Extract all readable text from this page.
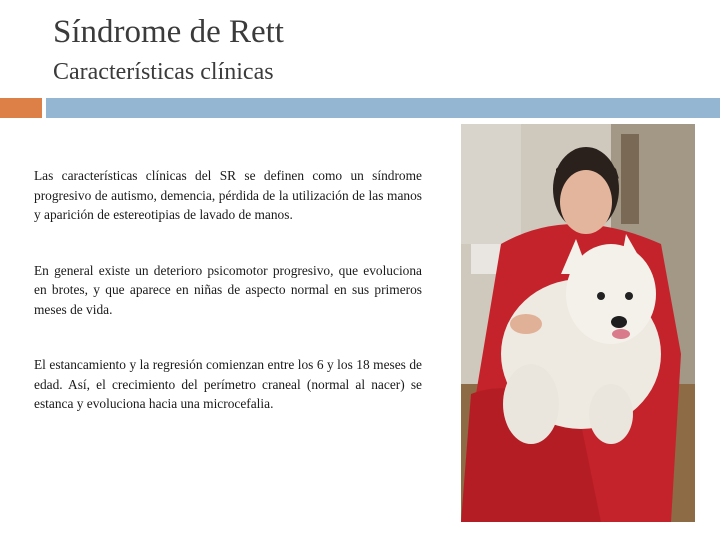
Síndrome de Rett
Características clínicas

Las características clínicas del SR se definen como un síndrome progresivo de autismo, demencia, pérdida de la utilización de las manos y aparición de estereotipias de lavado de manos.

En general existe un deterioro psicomotor progresivo, que evoluciona en brotes, y que aparece en niñas de aspecto normal en sus primeros meses de vida.

El estancamiento y la regresión comienzan entre los 6 y los 18 meses de edad. Así, el crecimiento del perímetro craneal (normal al nacer) se estanca y evoluciona hacia una microcefalia.
